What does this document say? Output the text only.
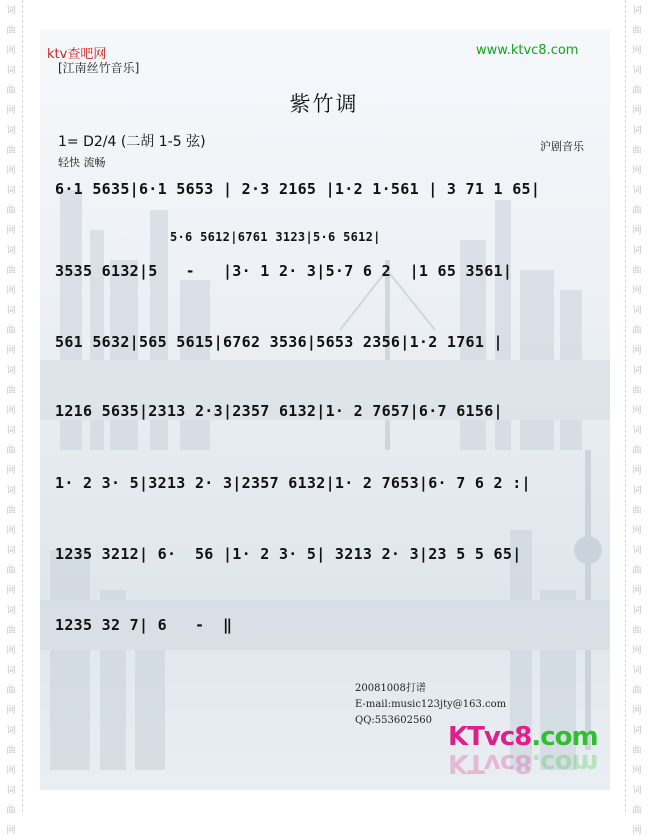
词
曲
网
词
曲
网
词
曲
网
词
曲
网
词
曲
网
词
曲
网
词
曲
网
词
曲
网
词
曲
网
词
曲
网
词
曲
网
词
曲
网
词
曲
网
词
曲
网
词
曲
网
词
曲
网
词
曲
网
词
曲
网
词
曲
网
词
曲
网
词
曲
网
词
曲
网
词
曲
网
词
曲
网
词
曲
网
词
曲
网
词
曲
网
词
曲
网
ktv查吧网
[江南丝竹音乐]
www.ktvc8.com
紫竹调
1= D2/4 (二胡 1-5 弦)
轻快 流畅
沪剧音乐
6·1 5635|6·1 5653 | 2·3 2165 |1·2 1·561 | 3 71 1 65|
5·6 5612|6761 3123|5·6 5612|
3535 6132|5   -   |3· 1 2· 3|5·7 6 2  |1 65 3561|
561 5632|565 5615|6762 3536|5653 2356|1·2 1761 |
1216 5635|2313 2·3|2357 6132|1· 2 7657|6·7 6156|
1· 2 3· 5|3213 2· 3|2357 6132|1· 2 7653|6· 7 6 2 :|
1235 3212| 6·  56 |1· 2 3· 5| 3213 2· 3|23 5 5 65|
1235 32 7| 6   -  ‖
20081008打谱
E-mail:music123jty@163.com
QQ:553602560
KTvc8.com
KTvc8.com
